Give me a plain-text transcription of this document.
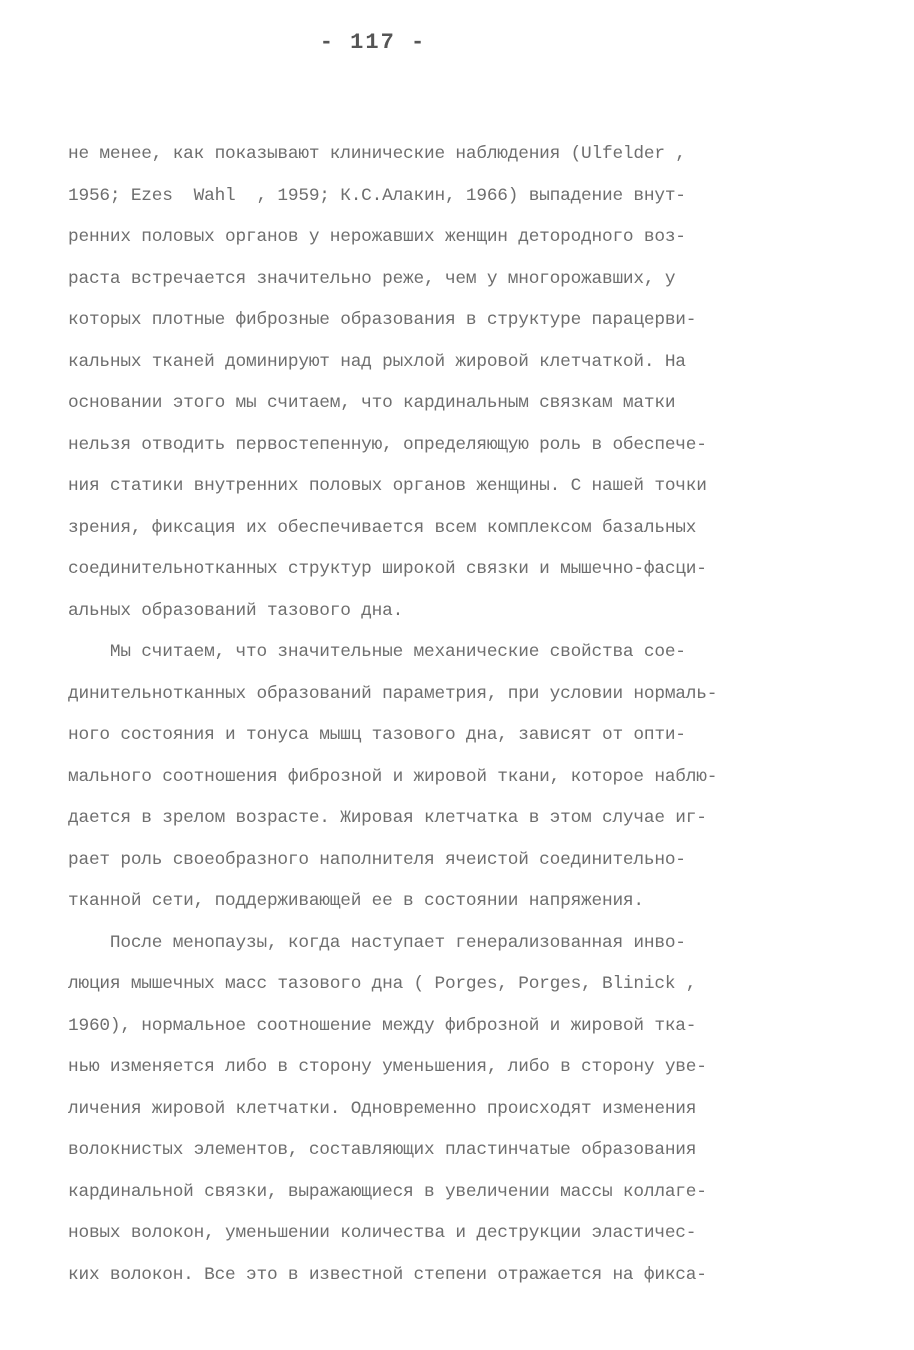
- 117 -
не менее, как показывают клинические наблюдения (Ulfelder ,
1956; Ezes  Wahl  , 1959; К.С.Алакин, 1966) выпадение внут-
ренних половых органов у нерожавших женщин детородного воз-
раста встречается значительно реже, чем у многорожавших, у
которых плотные фиброзные образования в структуре парацерви-
кальных тканей доминируют над рыхлой жировой клетчаткой. На
основании этого мы считаем, что кардинальным связкам матки
нельзя отводить первостепенную, определяющую роль в обеспече-
ния статики внутренних половых органов женщины. С нашей точки
зрения, фиксация их обеспечивается всем комплексом базальных
соединительнотканных структур широкой связки и мышечно-фасци-
альных образований тазового дна.
Мы считаем, что значительные механические свойства сое-
динительнотканных образований параметрия, при условии нормаль-
ного состояния и тонуса мышц тазового дна, зависят от опти-
мального соотношения фиброзной и жировой ткани, которое наблю-
дается в зрелом возрасте. Жировая клетчатка в этом случае иг-
рает роль своеобразного наполнителя ячеистой соединительно-
тканной сети, поддерживающей ее в состоянии напряжения.
После менопаузы, когда наступает генерализованная инво-
люция мышечных масс тазового дна ( Porges, Porges, Blinick ,
1960), нормальное соотношение между фиброзной и жировой тка-
нью изменяется либо в сторону уменьшения, либо в сторону уве-
личения жировой клетчатки. Одновременно происходят изменения
волокнистых элементов, составляющих пластинчатые образования
кардинальной связки, выражающиеся в увеличении массы коллаге-
новых волокон, уменьшении количества и деструкции эластичес-
ких волокон. Все это в известной степени отражается на фикса-
